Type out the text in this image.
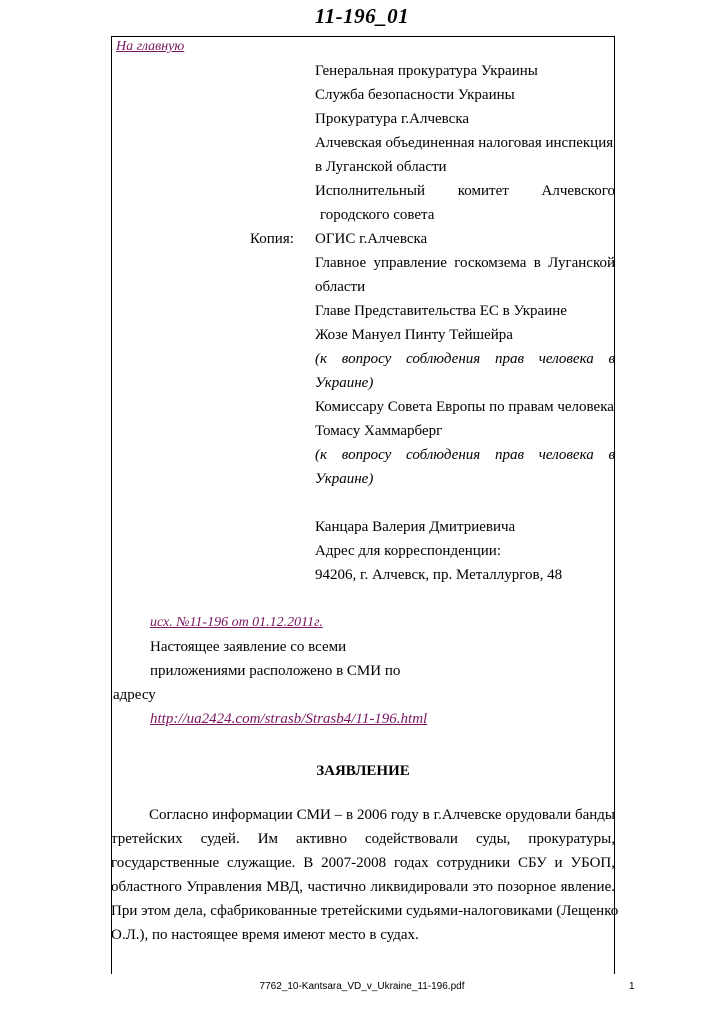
11-196_01
На главную
Генеральная прокуратура Украины
Служба безопасности Украины
Прокуратура г.Алчевска
Алчевская объединенная налоговая инспекция
в Луганской области
Исполнительный комитет Алчевского
городского совета
ОГИС г.Алчевска
Главное управление госкомзема в Луганской
области
Главе Представительства ЕС в Украине
Жозе Мануел Пинту Тейшейра
(к вопросу соблюдения прав человека в
Украине)
Комиссару Совета Европы по правам человека
Томасу Хаммарберг
(к вопросу соблюдения прав человека в
Украине)
Канцара Валерия Дмитриевича
Адрес для корреспонденции:
94206, г. Алчевск, пр. Металлургов, 48
Копия:
исх. №11-196 от 01.12.2011г.
Настоящее заявление со всеми
приложениями расположено в СМИ по
адресу
http://ua2424.com/strasb/Strasb4/11-196.html
ЗАЯВЛЕНИЕ
Согласно информации СМИ – в 2006 году в г.Алчевске орудовали банды
третейских судей. Им активно содействовали суды, прокуратуры,
государственные служащие. В 2007-2008 годах сотрудники СБУ и УБОП,
областного Управления МВД, частично ликвидировали это позорное явление.
При этом дела, сфабрикованные третейскими судьями-налоговиками (Лещенко
О.Л.), по настоящее время имеют место в судах.
7762_10-Kantsara_VD_v_Ukraine_11-196.pdf	1
